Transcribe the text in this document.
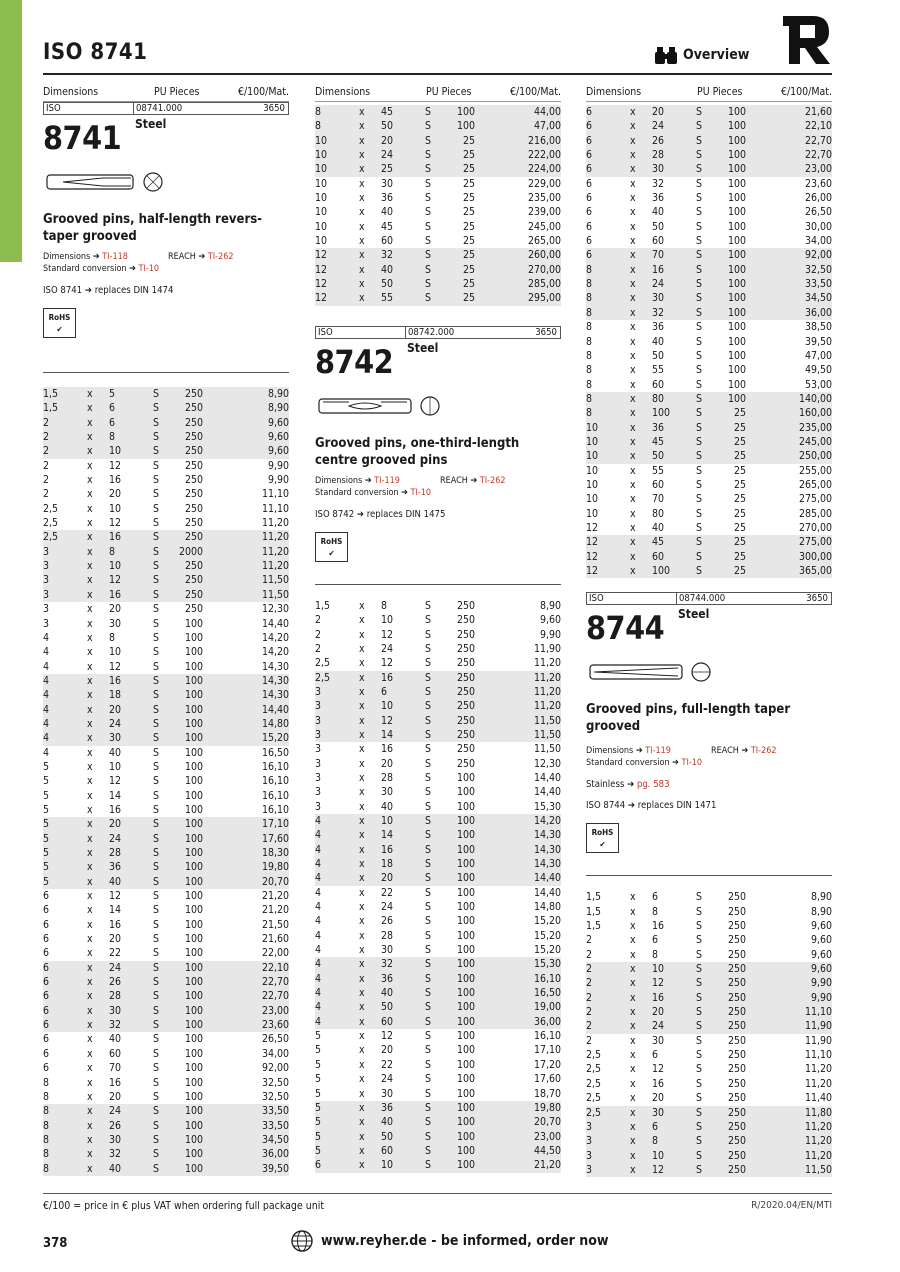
ISO 8741	Overview
Dimensions	PU Pieces	€/100/Mat.
ISO	08741.000	3650
8741 Steel
Grooved pins, half-length revers-taper grooved
Dimensions ➔ TI-118	REACH ➔ TI-262
Standard conversion ➔ TI-10
ISO 8741 ➔ replaces DIN 1474
RoHS
✔
1,5	x	5	S	250	8,90
1,5	x	6	S	250	8,90
2	x	6	S	250	9,60
2	x	8	S	250	9,60
2	x	10	S	250	9,60
2	x	12	S	250	9,90
2	x	16	S	250	9,90
2	x	20	S	250	11,10
2,5	x	10	S	250	11,10
2,5	x	12	S	250	11,20
2,5	x	16	S	250	11,20
3	x	8	S	2000	11,20
3	x	10	S	250	11,20
3	x	12	S	250	11,50
3	x	16	S	250	11,50
3	x	20	S	250	12,30
3	x	30	S	100	14,40
4	x	8	S	100	14,20
4	x	10	S	100	14,20
4	x	12	S	100	14,30
4	x	16	S	100	14,30
4	x	18	S	100	14,30
4	x	20	S	100	14,40
4	x	24	S	100	14,80
4	x	30	S	100	15,20
4	x	40	S	100	16,50
5	x	10	S	100	16,10
5	x	12	S	100	16,10
5	x	14	S	100	16,10
5	x	16	S	100	16,10
5	x	20	S	100	17,10
5	x	24	S	100	17,60
5	x	28	S	100	18,30
5	x	36	S	100	19,80
5	x	40	S	100	20,70
6	x	12	S	100	21,20
6	x	14	S	100	21,20
6	x	16	S	100	21,50
6	x	20	S	100	21,60
6	x	22	S	100	22,00
6	x	24	S	100	22,10
6	x	26	S	100	22,70
6	x	28	S	100	22,70
6	x	30	S	100	23,00
6	x	32	S	100	23,60
6	x	40	S	100	26,50
6	x	60	S	100	34,00
6	x	70	S	100	92,00
8	x	16	S	100	32,50
8	x	20	S	100	32,50
8	x	24	S	100	33,50
8	x	26	S	100	33,50
8	x	30	S	100	34,50
8	x	32	S	100	36,00
8	x	40	S	100	39,50
Dimensions	PU Pieces	€/100/Mat.
8	x	45	S	100	44,00
8	x	50	S	100	47,00
10	x	20	S	25	216,00
10	x	24	S	25	222,00
10	x	25	S	25	224,00
10	x	30	S	25	229,00
10	x	36	S	25	235,00
10	x	40	S	25	239,00
10	x	45	S	25	245,00
10	x	60	S	25	265,00
12	x	32	S	25	260,00
12	x	40	S	25	270,00
12	x	50	S	25	285,00
12	x	55	S	25	295,00
ISO	08742.000	3650
8742 Steel
Grooved pins, one-third-length centre grooved pins
Dimensions ➔ TI-119	REACH ➔ TI-262
Standard conversion ➔ TI-10
ISO 8742 ➔ replaces DIN 1475
RoHS
✔
1,5	x	8	S	250	8,90
2	x	10	S	250	9,60
2	x	12	S	250	9,90
2	x	24	S	250	11,90
2,5	x	12	S	250	11,20
2,5	x	16	S	250	11,20
3	x	6	S	250	11,20
3	x	10	S	250	11,20
3	x	12	S	250	11,50
3	x	14	S	250	11,50
3	x	16	S	250	11,50
3	x	20	S	250	12,30
3	x	28	S	100	14,40
3	x	30	S	100	14,40
3	x	40	S	100	15,30
4	x	10	S	100	14,20
4	x	14	S	100	14,30
4	x	16	S	100	14,30
4	x	18	S	100	14,30
4	x	20	S	100	14,40
4	x	22	S	100	14,40
4	x	24	S	100	14,80
4	x	26	S	100	15,20
4	x	28	S	100	15,20
4	x	30	S	100	15,20
4	x	32	S	100	15,30
4	x	36	S	100	16,10
4	x	40	S	100	16,50
4	x	50	S	100	19,00
4	x	60	S	100	36,00
5	x	12	S	100	16,10
5	x	20	S	100	17,10
5	x	22	S	100	17,20
5	x	24	S	100	17,60
5	x	30	S	100	18,70
5	x	36	S	100	19,80
5	x	40	S	100	20,70
5	x	50	S	100	23,00
5	x	60	S	100	44,50
6	x	10	S	100	21,20
Dimensions	PU Pieces	€/100/Mat.
6	x	20	S	100	21,60
6	x	24	S	100	22,10
6	x	26	S	100	22,70
6	x	28	S	100	22,70
6	x	30	S	100	23,00
6	x	32	S	100	23,60
6	x	36	S	100	26,00
6	x	40	S	100	26,50
6	x	50	S	100	30,00
6	x	60	S	100	34,00
6	x	70	S	100	92,00
8	x	16	S	100	32,50
8	x	24	S	100	33,50
8	x	30	S	100	34,50
8	x	32	S	100	36,00
8	x	36	S	100	38,50
8	x	40	S	100	39,50
8	x	50	S	100	47,00
8	x	55	S	100	49,50
8	x	60	S	100	53,00
8	x	80	S	100	140,00
8	x	100	S	25	160,00
10	x	36	S	25	235,00
10	x	45	S	25	245,00
10	x	50	S	25	250,00
10	x	55	S	25	255,00
10	x	60	S	25	265,00
10	x	70	S	25	275,00
10	x	80	S	25	285,00
12	x	40	S	25	270,00
12	x	45	S	25	275,00
12	x	60	S	25	300,00
12	x	100	S	25	365,00
ISO	08744.000	3650
8744 Steel
Grooved pins, full-length taper grooved
Dimensions ➔ TI-119	REACH ➔ TI-262
Standard conversion ➔ TI-10
Stainless ➔ pg. 583
ISO 8744 ➔ replaces DIN 1471
RoHS
✔
1,5	x	6	S	250	8,90
1,5	x	8	S	250	8,90
1,5	x	16	S	250	9,60
2	x	6	S	250	9,60
2	x	8	S	250	9,60
2	x	10	S	250	9,60
2	x	12	S	250	9,90
2	x	16	S	250	9,90
2	x	20	S	250	11,10
2	x	24	S	250	11,90
2	x	30	S	250	11,90
2,5	x	6	S	250	11,10
2,5	x	12	S	250	11,20
2,5	x	16	S	250	11,20
2,5	x	20	S	250	11,40
2,5	x	30	S	250	11,80
3	x	6	S	250	11,20
3	x	8	S	250	11,20
3	x	10	S	250	11,20
3	x	12	S	250	11,50
€/100 = price in € plus VAT when ordering full package unit	R/2020.04/EN/MTI
378	www.reyher.de - be informed, order now
